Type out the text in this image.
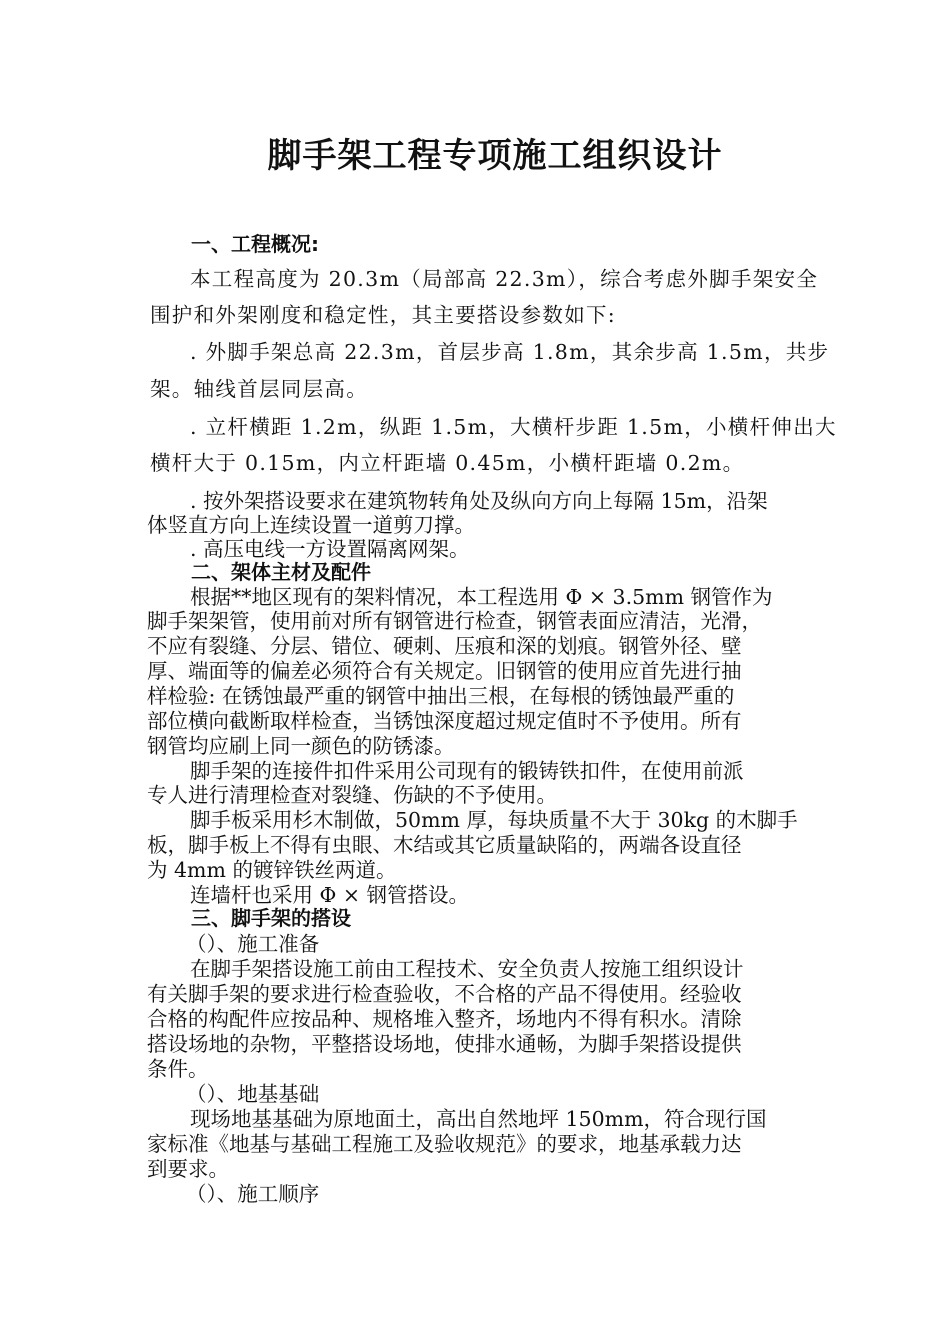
脚手架工程专项施工组织设计

一、工程概况:

本工程高度为 20.3m（局部高 22.3m），综合考虑外脚手架安全

围护和外架刚度和稳定性，其主要搭设参数如下:

. 外脚手架总高 22.3m，首层步高 1.8m，其余步高 1.5m，共步

架。轴线首层同层高。

. 立杆横距 1.2m，纵距 1.5m，大横杆步距 1.5m，小横杆伸出大

横杆大于 0.15m，内立杆距墙 0.45m，小横杆距墙 0.2m。

. 按外架搭设要求在建筑物转角处及纵向方向上每隔 15m，沿架

体竖直方向上连续设置一道剪刀撑。

. 高压电线一方设置隔离网架。

二、架体主材及配件

根据**地区现有的架料情况，本工程选用 Φ × 3.5mm 钢管作为

脚手架架管，使用前对所有钢管进行检查，钢管表面应清洁，光滑，

不应有裂缝、分层、错位、硬刺、压痕和深的划痕。钢管外径、壁

厚、端面等的偏差必须符合有关规定。旧钢管的使用应首先进行抽

样检验: 在锈蚀最严重的钢管中抽出三根，在每根的锈蚀最严重的

部位横向截断取样检查，当锈蚀深度超过规定值时不予使用。所有

钢管均应刷上同一颜色的防锈漆。

脚手架的连接件扣件采用公司现有的锻铸铁扣件，在使用前派

专人进行清理检查对裂缝、伤缺的不予使用。

脚手板采用杉木制做，50mm 厚，每块质量不大于 30kg 的木脚手

板，脚手板上不得有虫眼、木结或其它质量缺陷的，两端各设直径

为 4mm 的镀锌铁丝两道。

连墙杆也采用 Φ × 钢管搭设。

三、脚手架的搭设

（）、施工准备

在脚手架搭设施工前由工程技术、安全负责人按施工组织设计

有关脚手架的要求进行检查验收，不合格的产品不得使用。经验收

合格的构配件应按品种、规格堆入整齐，场地内不得有积水。清除

搭设场地的杂物，平整搭设场地，使排水通畅，为脚手架搭设提供

条件。

（）、地基基础

现场地基基础为原地面土，高出自然地坪 150mm，符合现行国

家标准《地基与基础工程施工及验收规范》的要求，地基承载力达

到要求。

（）、施工顺序
